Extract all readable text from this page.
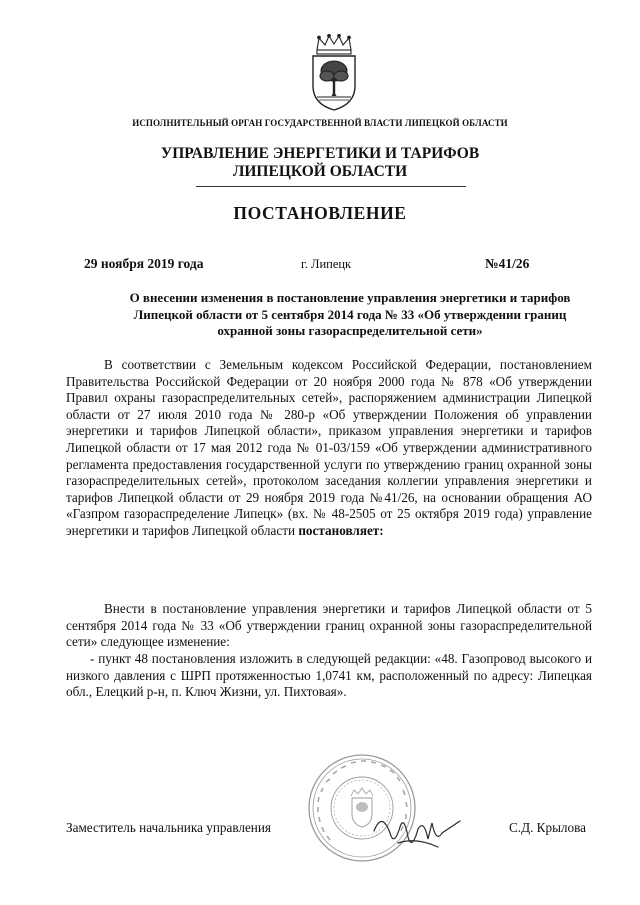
ИСПОЛНИТЕЛЬНЫЙ ОРГАН ГОСУДАРСТВЕННОЙ ВЛАСТИ ЛИПЕЦКОЙ ОБЛАСТИ
УПРАВЛЕНИЕ ЭНЕРГЕТИКИ И ТАРИФОВ
ЛИПЕЦКОЙ ОБЛАСТИ
ПОСТАНОВЛЕНИЕ
29 ноября 2019 года	г. Липецк	№41/26
О внесении изменения в постановление управления энергетики и тарифов Липецкой области от 5 сентября 2014 года № 33 «Об утверждении границ охранной зоны газораспределительной сети»

В соответствии с Земельным кодексом Российской Федерации, постановлением Правительства Российской Федерации от 20 ноября 2000 года № 878 «Об утверждении Правил охраны газораспределительных сетей», распоряжением администрации Липецкой области от 27 июля 2010 года № 280-р «Об утверждении Положения об управлении энергетики и тарифов Липецкой области», приказом управления энергетики и тарифов Липецкой области от 17 мая 2012 года № 01-03/159 «Об утверждении административного регламента предоставления государственной услуги по утверждению границ охранной зоны газораспределительных сетей», протоколом заседания коллегии управления энергетики и тарифов Липецкой области от 29 ноября 2019 года №41/26, на основании обращения АО «Газпром газораспределение Липецк» (вх. № 48-2505 от 25 октября 2019 года) управление энергетики и тарифов Липецкой области постановляет:

Внести в постановление управления энергетики и тарифов Липецкой области от 5 сентября 2014 года № 33 «Об утверждении границ охранной зоны газораспределительной сети» следующее изменение:

- пункт 48 постановления изложить в следующей редакции: «48. Газопровод высокого и низкого давления с ШРП протяженностью 1,0741 км, расположенный по адресу: Липецкая обл., Елецкий р-н, п. Ключ Жизни, ул. Пихтовая».

Заместитель начальника управления	С.Д. Крылова
